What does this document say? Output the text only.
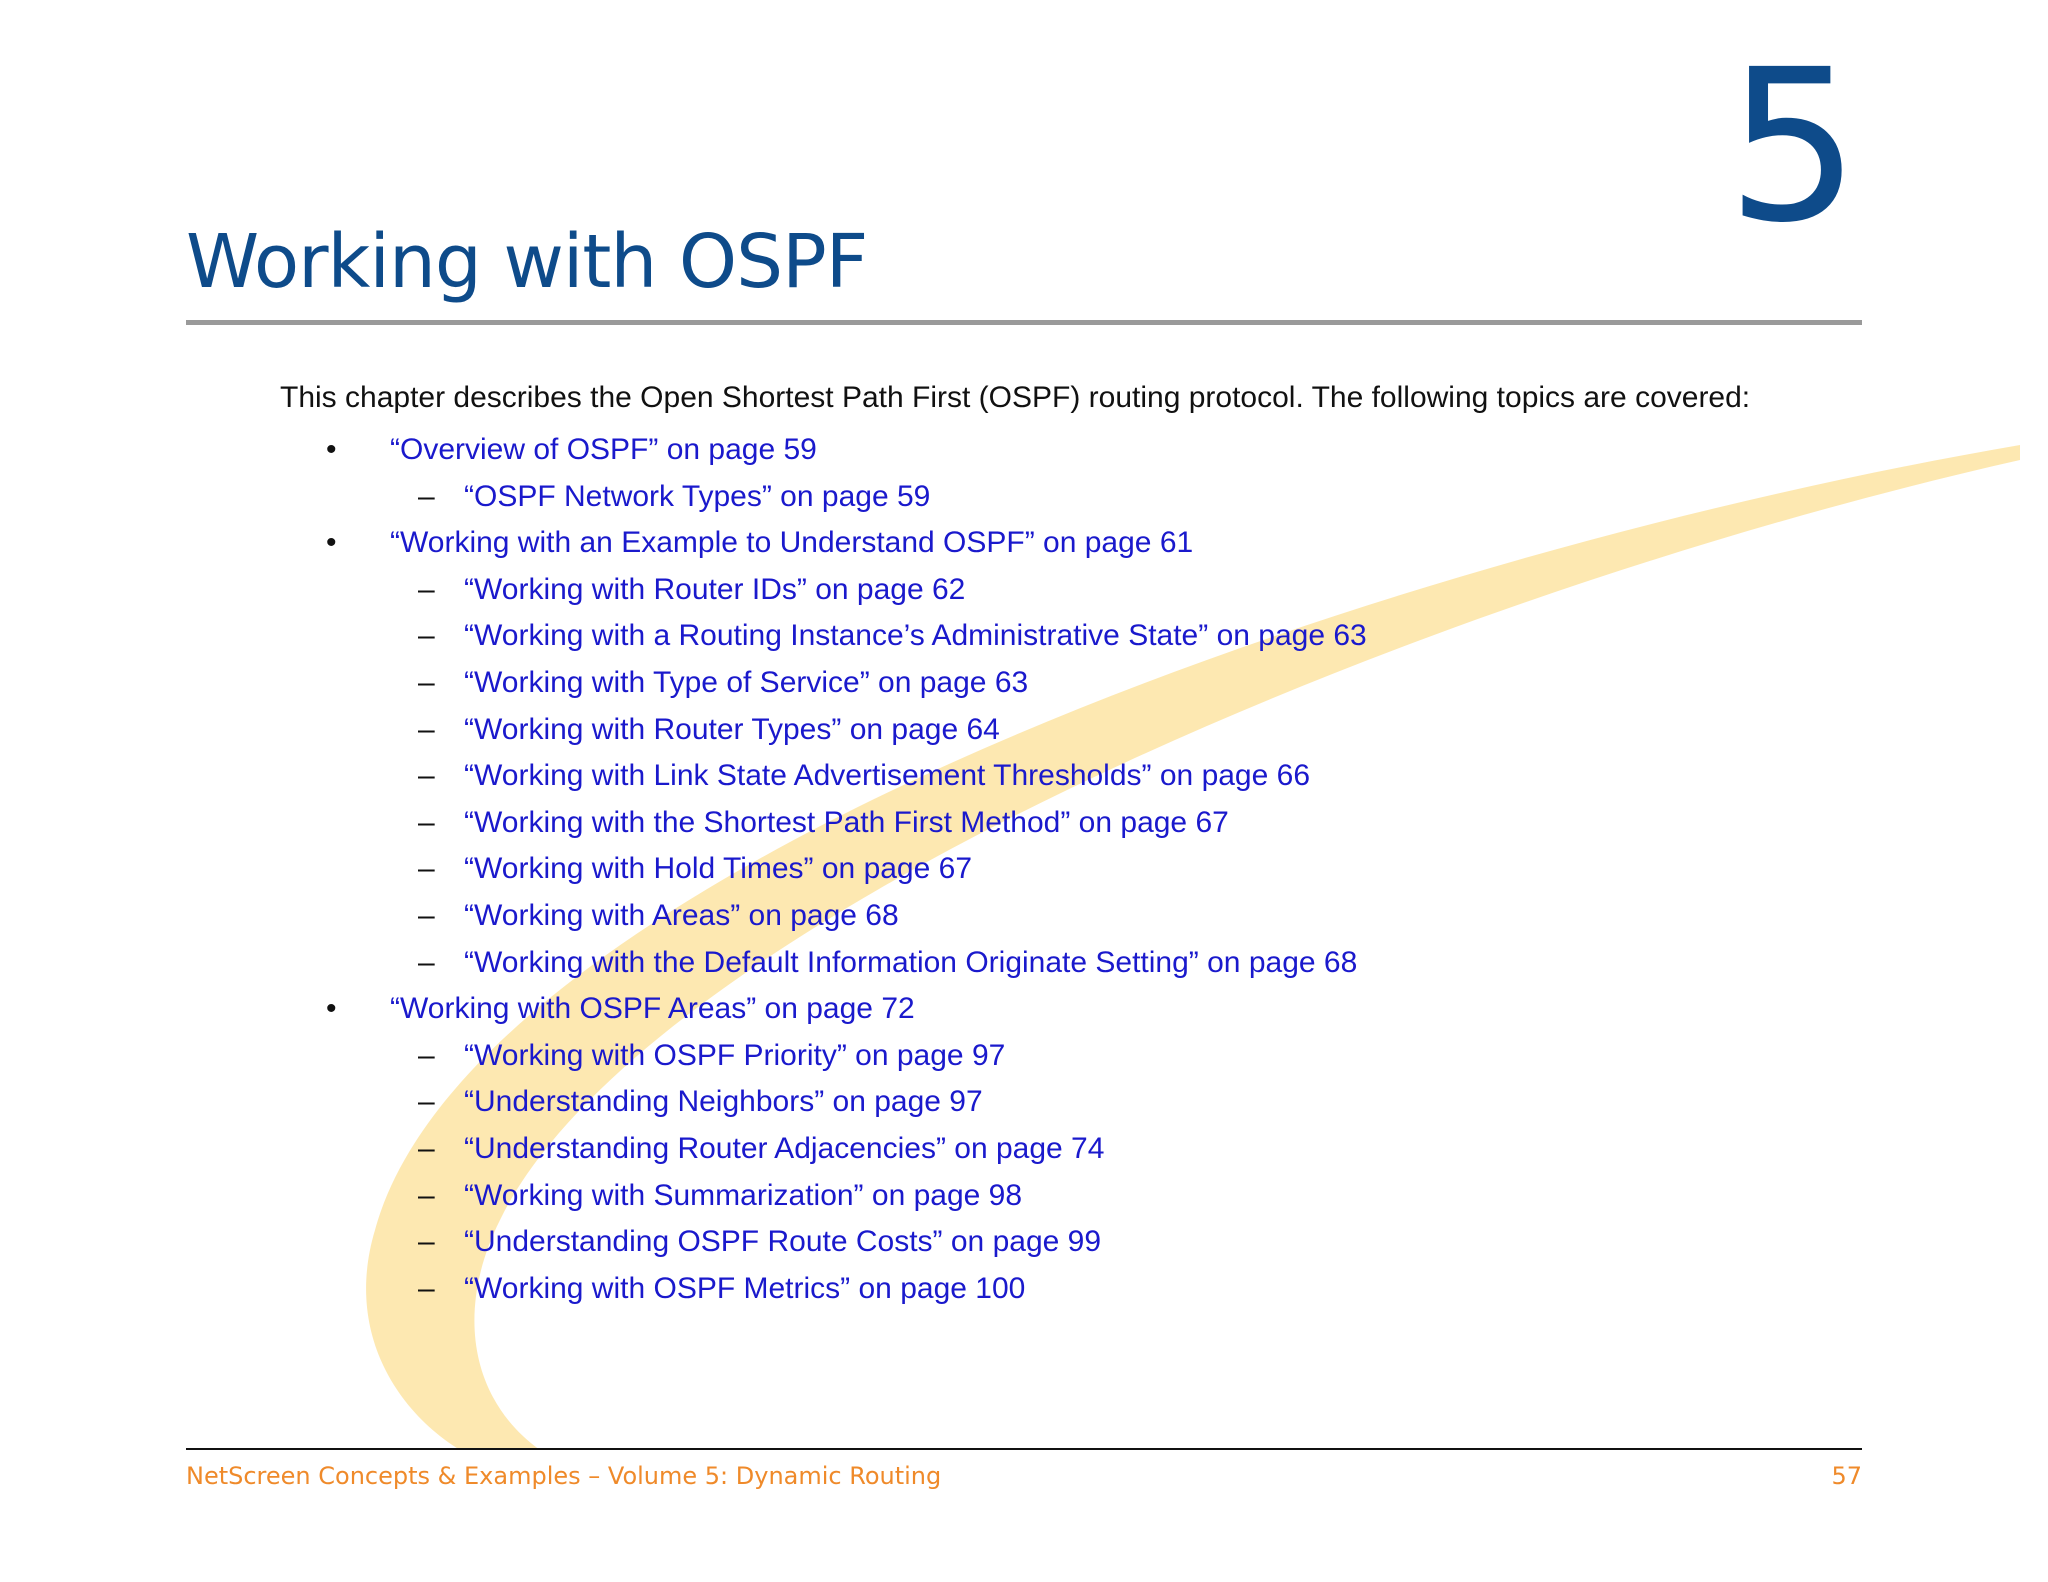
5
Working with OSPF
This chapter describes the Open Shortest Path First (OSPF) routing protocol. The following topics are covered:
• “Overview of OSPF” on page 59
– “OSPF Network Types” on page 59
• “Working with an Example to Understand OSPF” on page 61
– “Working with Router IDs” on page 62
– “Working with a Routing Instance’s Administrative State” on page 63
– “Working with Type of Service” on page 63
– “Working with Router Types” on page 64
– “Working with Link State Advertisement Thresholds” on page 66
– “Working with the Shortest Path First Method” on page 67
– “Working with Hold Times” on page 67
– “Working with Areas” on page 68
– “Working with the Default Information Originate Setting” on page 68
• “Working with OSPF Areas” on page 72
– “Working with OSPF Priority” on page 97
– “Understanding Neighbors” on page 97
– “Understanding Router Adjacencies” on page 74
– “Working with Summarization” on page 98
– “Understanding OSPF Route Costs” on page 99
– “Working with OSPF Metrics” on page 100
NetScreen Concepts & Examples – Volume 5: Dynamic Routing	57
